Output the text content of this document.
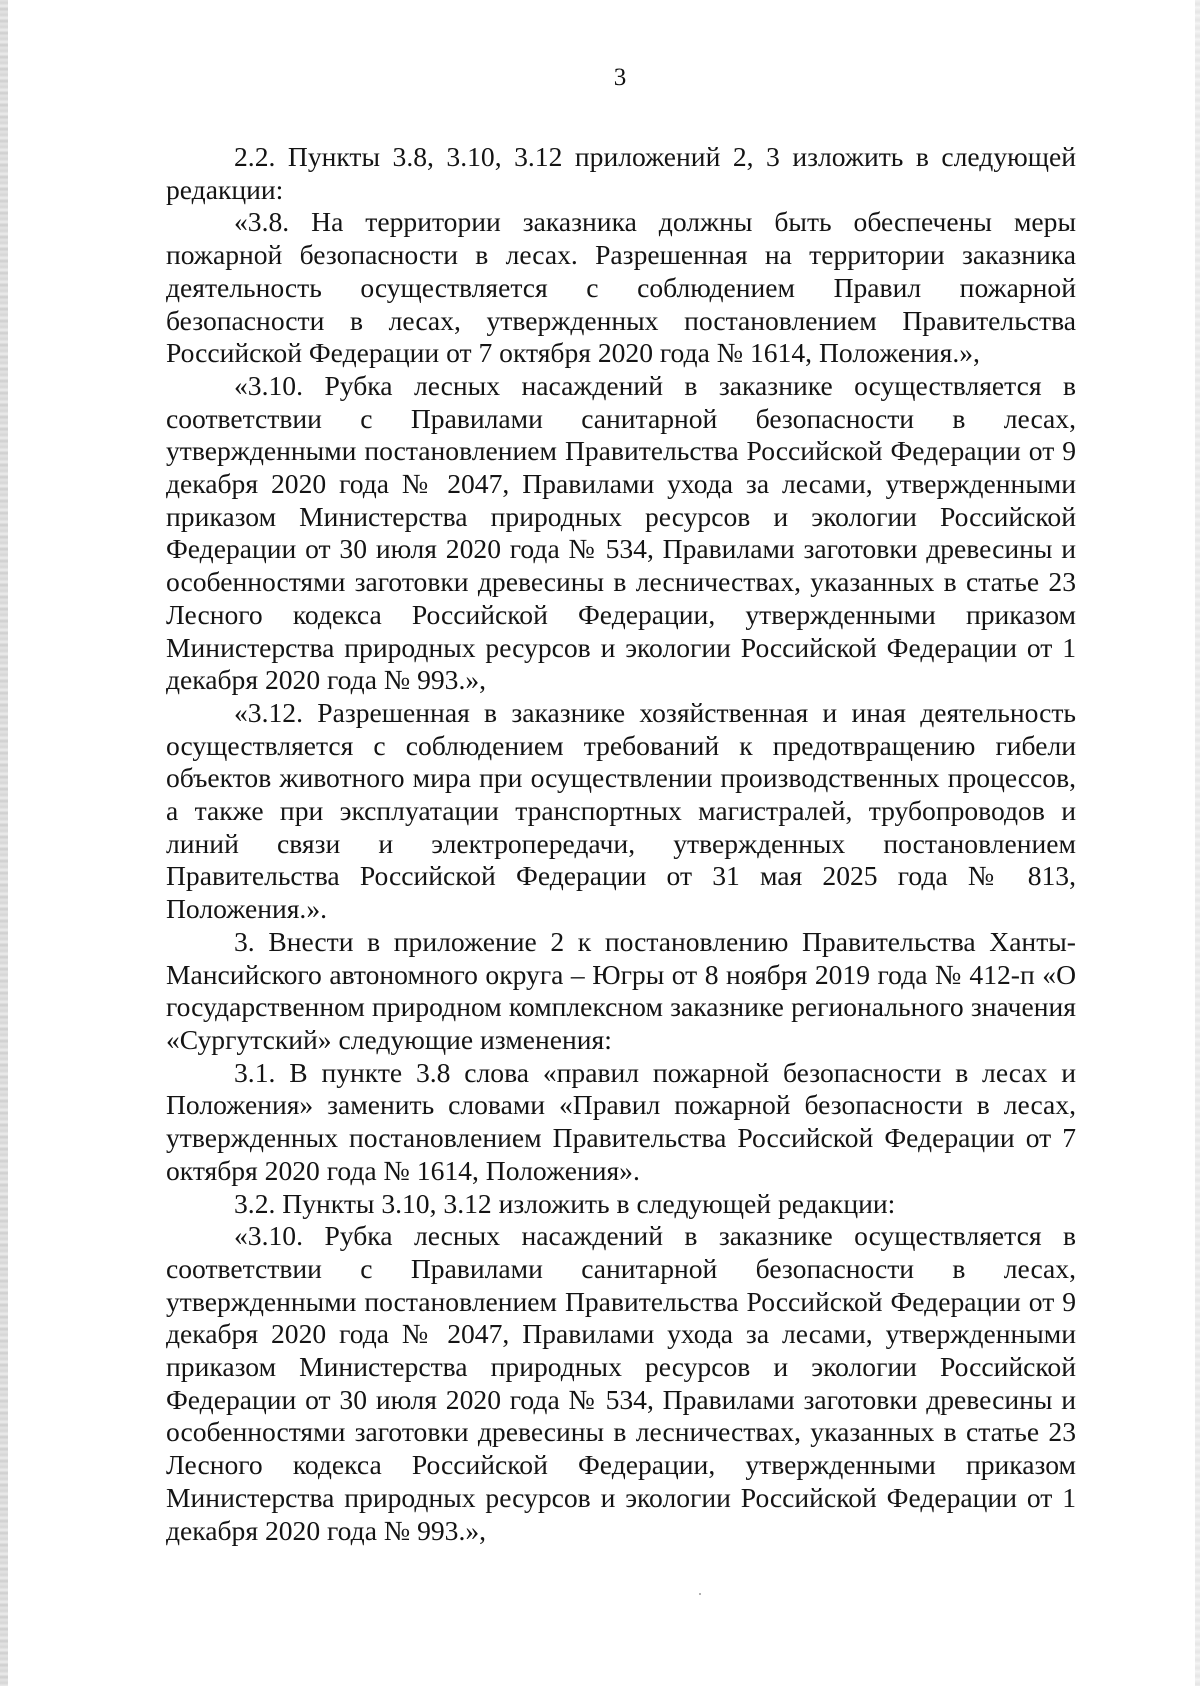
3

2.2. Пункты 3.8, 3.10, 3.12 приложений 2, 3 изложить в следующей редакции:

«3.8. На территории заказника должны быть обеспечены меры пожарной безопасности в лесах. Разрешенная на территории заказника деятельность осуществляется с соблюдением Правил пожарной безопасности в лесах, утвержденных постановлением Правительства Российской Федерации от 7 октября 2020 года № 1614, Положения.»,

«3.10. Рубка лесных насаждений в заказнике осуществляется в соответствии с Правилами санитарной безопасности в лесах, утвержденными постановлением Правительства Российской Федерации от 9 декабря 2020 года № 2047, Правилами ухода за лесами, утвержденными приказом Министерства природных ресурсов и экологии Российской Федерации от 30 июля 2020 года № 534, Правилами заготовки древесины и особенностями заготовки древесины в лесничествах, указанных в статье 23 Лесного кодекса Российской Федерации, утвержденными приказом Министерства природных ресурсов и экологии Российской Федерации от 1 декабря 2020 года № 993.»,

«3.12. Разрешенная в заказнике хозяйственная и иная деятельность осуществляется с соблюдением требований к предотвращению гибели объектов животного мира при осуществлении производственных процессов, а также при эксплуатации транспортных магистралей, трубопроводов и линий связи и электропередачи, утвержденных постановлением Правительства Российской Федерации от 31 мая 2025 года № 813, Положения.».

3. Внести в приложение 2 к постановлению Правительства Ханты-Мансийского автономного округа – Югры от 8 ноября 2019 года № 412-п «О государственном природном комплексном заказнике регионального значения «Сургутский» следующие изменения:

3.1. В пункте 3.8 слова «правил пожарной безопасности в лесах и Положения» заменить словами «Правил пожарной безопасности в лесах, утвержденных постановлением Правительства Российской Федерации от 7 октября 2020 года № 1614, Положения».

3.2. Пункты 3.10, 3.12 изложить в следующей редакции:

«3.10. Рубка лесных насаждений в заказнике осуществляется в соответствии с Правилами санитарной безопасности в лесах, утвержденными постановлением Правительства Российской Федерации от 9 декабря 2020 года № 2047, Правилами ухода за лесами, утвержденными приказом Министерства природных ресурсов и экологии Российской Федерации от 30 июля 2020 года № 534, Правилами заготовки древесины и особенностями заготовки древесины в лесничествах, указанных в статье 23 Лесного кодекса Российской Федерации, утвержденными приказом Министерства природных ресурсов и экологии Российской Федерации от 1 декабря 2020 года № 993.»,
